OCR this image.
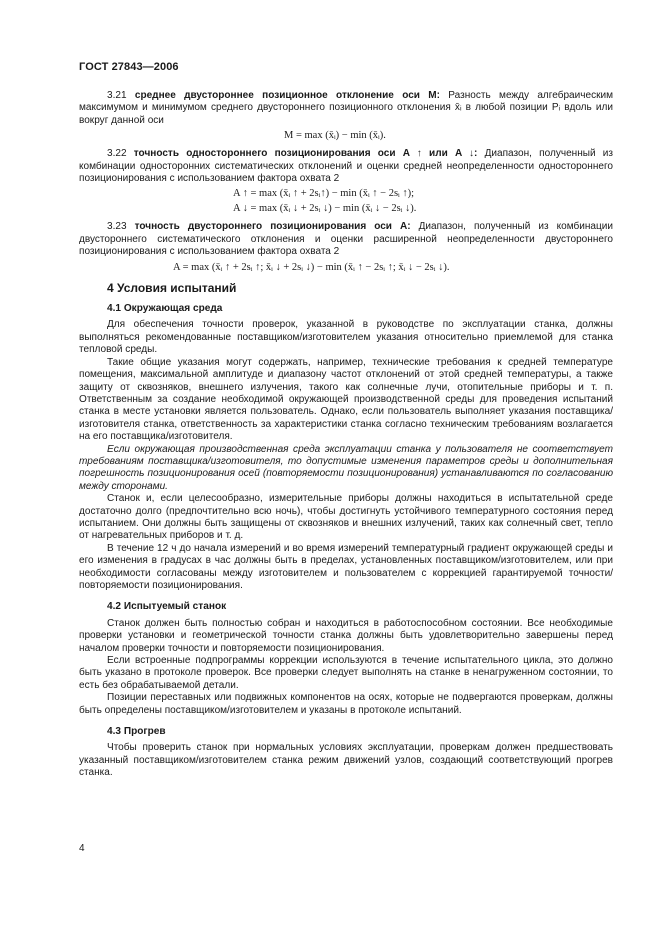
ГОСТ 27843—2006

3.21 среднее двустороннее позиционное отклонение оси M: Разность между алгебраическим максимумом и минимумом среднего двустороннего позиционного отклонения x̄ᵢ в любой позиции Pᵢ вдоль или вокруг данной оси

M = max (x̄ᵢ) − min (x̄ᵢ).

3.22 точность одностороннего позиционирования оси A ↑ или A ↓: Диапазон, полученный из комбинации односторонних систематических отклонений и оценки средней неопределенности одностороннего позиционирования с использованием фактора охвата 2

A ↑ = max (x̄ᵢ ↑ + 2sᵢ↑) − min (x̄ᵢ ↑ − 2sᵢ ↑);
A ↓ = max (x̄ᵢ ↓ + 2sᵢ ↓) − min (x̄ᵢ ↓ − 2sᵢ ↓).

3.23 точность двустороннего позиционирования оси A: Диапазон, полученный из комбинации двустороннего систематического отклонения и оценки расширенной неопределенности двустороннего позиционирования с использованием фактора охвата 2

A = max (x̄ᵢ ↑ + 2sᵢ ↑; x̄ᵢ ↓ + 2sᵢ ↓) − min (x̄ᵢ ↑ − 2sᵢ ↑; x̄ᵢ ↓ − 2sᵢ ↓).
4 Условия испытаний
4.1 Окружающая среда

Для обеспечения точности проверок, указанной в руководстве по эксплуатации станка, должны выполняться рекомендованные поставщиком/изготовителем указания относительно приемлемой для станка тепловой среды.

Такие общие указания могут содержать, например, технические требования к средней температуре помещения, максимальной амплитуде и диапазону частот отклонений от этой средней температуры, а также защиту от сквозняков, внешнего излучения, такого как солнечные лучи, отопительные приборы и т. п. Ответственным за создание необходимой окружающей производственной среды для проведения испытаний станка в месте установки является пользователь. Однако, если пользователь выполняет указания поставщика/изготовителя станка, ответственность за характеристики станка согласно техническим требованиям возлагается на его поставщика/изготовителя.

Если окружающая производственная среда эксплуатации станка у пользователя не соответствует требованиям поставщика/изготовителя, то допустимые изменения параметров среды и дополнительная погрешность позиционирования осей (повторяемости позиционирования) устанавливаются по согласованию между сторонами.

Станок и, если целесообразно, измерительные приборы должны находиться в испытательной среде достаточно долго (предпочтительно всю ночь), чтобы достигнуть устойчивого температурного состояния перед испытанием. Они должны быть защищены от сквозняков и внешних излучений, таких как солнечный свет, тепло от нагревательных приборов и т. д.

В течение 12 ч до начала измерений и во время измерений температурный градиент окружающей среды и его изменения в градусах в час должны быть в пределах, установленных поставщиком/изготовителем, или при необходимости согласованы между изготовителем и пользователем с коррекцией гарантируемой точности/повторяемости позиционирования.

4.2 Испытуемый станок

Станок должен быть полностью собран и находиться в работоспособном состоянии. Все необходимые проверки установки и геометрической точности станка должны быть удовлетворительно завершены перед началом проверки точности и повторяемости позиционирования.

Если встроенные подпрограммы коррекции используются в течение испытательного цикла, это должно быть указано в протоколе проверок. Все проверки следует выполнять на станке в ненагруженном состоянии, то есть без обрабатываемой детали.

Позиции переставных или подвижных компонентов на осях, которые не подвергаются проверкам, должны быть определены поставщиком/изготовителем и указаны в протоколе испытаний.

4.3 Прогрев

Чтобы проверить станок при нормальных условиях эксплуатации, проверкам должен предшествовать указанный поставщиком/изготовителем станка режим движений узлов, создающий соответствующий прогрев станка.

4
